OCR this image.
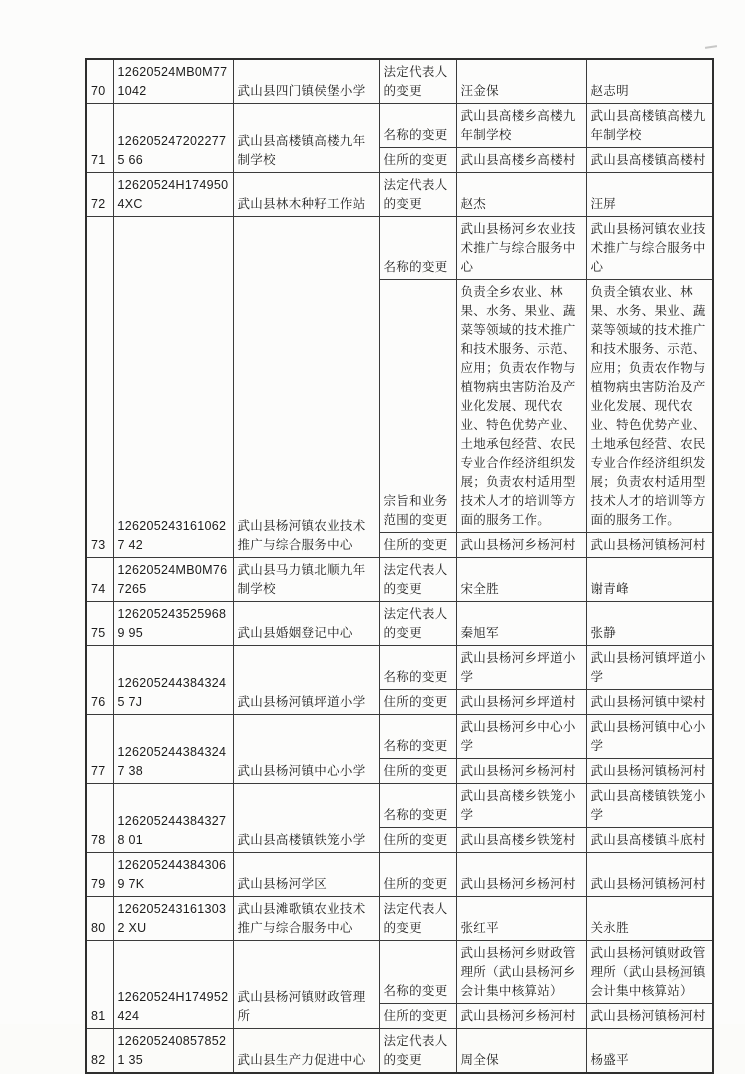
70	12620524MB0M77 1042	武山县四门镇侯堡小学	法定代表人的变更	汪金保	赵志明
71	1262052472022775 66	武山县高楼镇高楼九年制学校	名称的变更	武山县高楼乡高楼九年制学校	武山县高楼镇高楼九年制学校
			住所的变更	武山县高楼乡高楼村	武山县高楼镇高楼村
72	12620524H174950 4XC	武山县林木种籽工作站	法定代表人的变更	赵杰	汪屏
73	1262052431610627 42	武山县杨河镇农业技术推广与综合服务中心	名称的变更	武山县杨河乡农业技术推广与综合服务中心	武山县杨河镇农业技术推广与综合服务中心
			宗旨和业务范围的变更	负责全乡农业、林果、水务、果业、蔬菜等领域的技术推广和技术服务、示范、应用；负责农作物与植物病虫害防治及产业化发展、现代农业、特色优势产业、土地承包经营、农民专业合作经济组织发展；负责农村适用型技术人才的培训等方面的服务工作。	负责全镇农业、林果、水务、果业、蔬菜等领域的技术推广和技术服务、示范、应用；负责农作物与植物病虫害防治及产业化发展、现代农业、特色优势产业、土地承包经营、农民专业合作经济组织发展；负责农村适用型技术人才的培训等方面的服务工作。
			住所的变更	武山县杨河乡杨河村	武山县杨河镇杨河村
74	12620524MB0M76 7265	武山县马力镇北顺九年制学校	法定代表人的变更	宋全胜	谢青峰
75	1262052435259689 95	武山县婚姻登记中心	法定代表人的变更	秦旭军	张静
76	1262052443843245 7J	武山县杨河镇坪道小学	名称的变更	武山县杨河乡坪道小学	武山县杨河镇坪道小学
			住所的变更	武山县杨河乡坪道村	武山县杨河镇中梁村
77	1262052443843247 38	武山县杨河镇中心小学	名称的变更	武山县杨河乡中心小学	武山县杨河镇中心小学
			住所的变更	武山县杨河乡杨河村	武山县杨河镇杨河村
78	1262052443843278 01	武山县高楼镇铁笼小学	名称的变更	武山县高楼乡铁笼小学	武山县高楼镇铁笼小学
			住所的变更	武山县高楼乡铁笼村	武山县高楼镇斗底村
79	1262052443843069 7K	武山县杨河学区	住所的变更	武山县杨河乡杨河村	武山县杨河镇杨河村
80	1262052431613032 XU	武山县滩歌镇农业技术推广与综合服务中心	法定代表人的变更	张红平	关永胜
81	12620524H174952 424	武山县杨河镇财政管理所	名称的变更	武山县杨河乡财政管理所（武山县杨河乡会计集中核算站）	武山县杨河镇财政管理所（武山县杨河镇会计集中核算站）
			住所的变更	武山县杨河乡杨河村	武山县杨河镇杨河村
82	1262052408578521 35	武山县生产力促进中心	法定代表人的变更	周全保	杨盛平
